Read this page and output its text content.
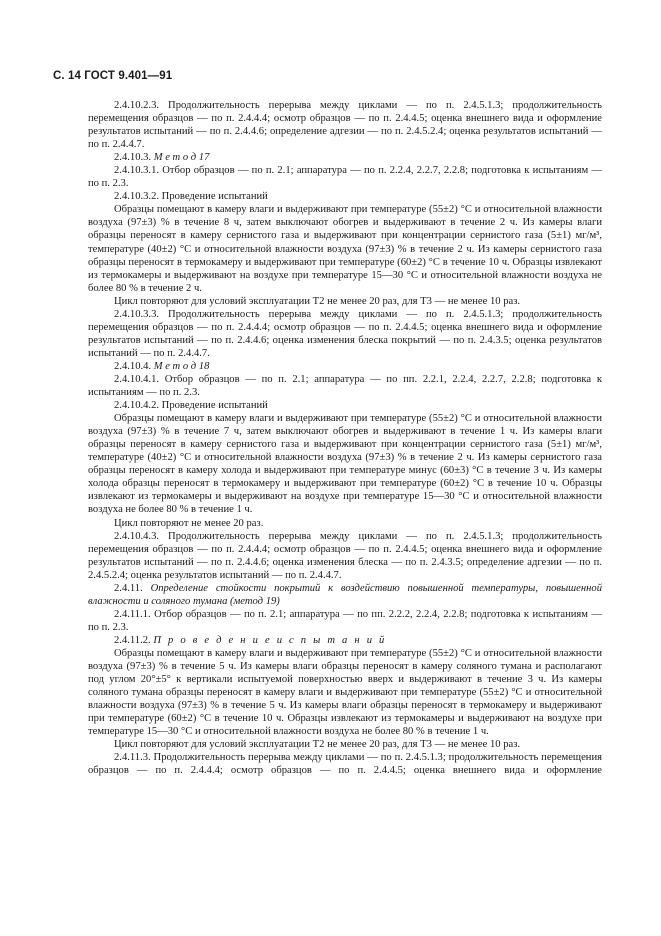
С. 14 ГОСТ 9.401—91

2.4.10.2.3. Продолжительность перерыва между циклами — по п. 2.4.5.1.3; продолжительность перемещения образцов — по п. 2.4.4.4; осмотр образцов — по п. 2.4.4.5; оценка внешнего вида и оформление результатов испытаний — по п. 2.4.4.6; определение адгезии — по п. 2.4.5.2.4; оценка результатов испытаний — по п. 2.4.4.7.

2.4.10.3. М е т о д 17

2.4.10.3.1. Отбор образцов — по п. 2.1; аппаратура — по п. 2.2.4, 2.2.7, 2.2.8; подготовка к испытаниям — по п. 2.3.

2.4.10.3.2. Проведение испытаний

Образцы помещают в камеру влаги и выдерживают при температуре (55±2) °С и относительной влажности воздуха (97±3) % в течение 8 ч, затем выключают обогрев и выдерживают в течение 2 ч. Из камеры влаги образцы переносят в камеру сернистого газа и выдерживают при концентрации сернистого газа (5±1) мг/м³, температуре (40±2) °С и относительной влажности воздуха (97±3) % в течение 2 ч. Из камеры сернистого газа образцы переносят в термокамеру и выдерживают при температуре (60±2) °С в течение 10 ч. Образцы извлекают из термокамеры и выдерживают на воздухе при температуре 15—30 °С и относительной влажности воздуха не более 80 % в течение 2 ч.

Цикл повторяют для условий эксплуатации Т2 не менее 20 раз, для Т3 — не менее 10 раз.

2.4.10.3.3. Продолжительность перерыва между циклами — по п. 2.4.5.1.3; продолжительность перемещения образцов — по п. 2.4.4.4; осмотр образцов — по п. 2.4.4.5; оценка внешнего вида и оформление результатов испытаний — по п. 2.4.4.6; оценка изменения блеска покрытий — по п. 2.4.3.5; оценка результатов испытаний — по п. 2.4.4.7.

2.4.10.4. М е т о д 18

2.4.10.4.1. Отбор образцов — по п. 2.1; аппаратура — по пп. 2.2.1, 2.2.4, 2.2.7, 2.2.8; подготовка к испытаниям — по п. 2.3.

2.4.10.4.2. Проведение испытаний

Образцы помещают в камеру влаги и выдерживают при температуре (55±2) °С и относительной влажности воздуха (97±3) % в течение 7 ч, затем выключают обогрев и выдерживают в течение 1 ч. Из камеры влаги образцы переносят в камеру сернистого газа и выдерживают при концентрации сернистого газа (5±1) мг/м³, температуре (40±2) °С и относительной влажности воздуха (97±3) % в течение 2 ч. Из камеры сернистого газа образцы переносят в камеру холода и выдерживают при температуре минус (60±3) °С в течение 3 ч. Из камеры холода образцы переносят в термокамеру и выдерживают при температуре (60±2) °С в течение 10 ч. Образцы извлекают из термокамеры и выдерживают на воздухе при температуре 15—30 °С и относительной влажности воздуха не более 80 % в течение 1 ч.

Цикл повторяют не менее 20 раз.

2.4.10.4.3. Продолжительность перерыва между циклами — по п. 2.4.5.1.3; продолжительность перемещения образцов — по п. 2.4.4.4; осмотр образцов — по п. 2.4.4.5; оценка внешнего вида и оформление результатов испытаний — по п. 2.4.4.6; оценка изменения блеска — по п. 2.4.3.5; определение адгезии — по п. 2.4.5.2.4; оценка результатов испытаний — по п. 2.4.4.7.

2.4.11. Определение стойкости покрытий к воздействию повышенной температуры, повышенной влажности и соляного тумана (метод 19)

2.4.11.1. Отбор образцов — по п. 2.1; аппаратура — по пп. 2.2.2, 2.2.4, 2.2.8; подготовка к испытаниям — по п. 2.3.

2.4.11.2. П р о в е д е н и е и с п ы т а н и й

Образцы помещают в камеру влаги и выдерживают при температуре (55±2) °С и относительной влажности воздуха (97±3) % в течение 5 ч. Из камеры влаги образцы переносят в камеру соляного тумана и располагают под углом 20°±5° к вертикали испытуемой поверхностью вверх и выдерживают в течение 3 ч. Из камеры соляного тумана образцы переносят в камеру влаги и выдерживают при температуре (55±2) °С и относительной влажности воздуха (97±3) % в течение 5 ч. Из камеры влаги образцы переносят в термокамеру и выдерживают при температуре (60±2) °С в течение 10 ч. Образцы извлекают из термокамеры и выдерживают на воздухе при температуре 15—30 °С и относительной влажности воздуха не более 80 % в течение 1 ч.

Цикл повторяют для условий эксплуатации Т2 не менее 20 раз, для Т3 — не менее 10 раз.

2.4.11.3. Продолжительность перерыва между циклами — по п. 2.4.5.1.3; продолжительность перемещения образцов — по п. 2.4.4.4; осмотр образцов — по п. 2.4.4.5; оценка внешнего вида и оформление
